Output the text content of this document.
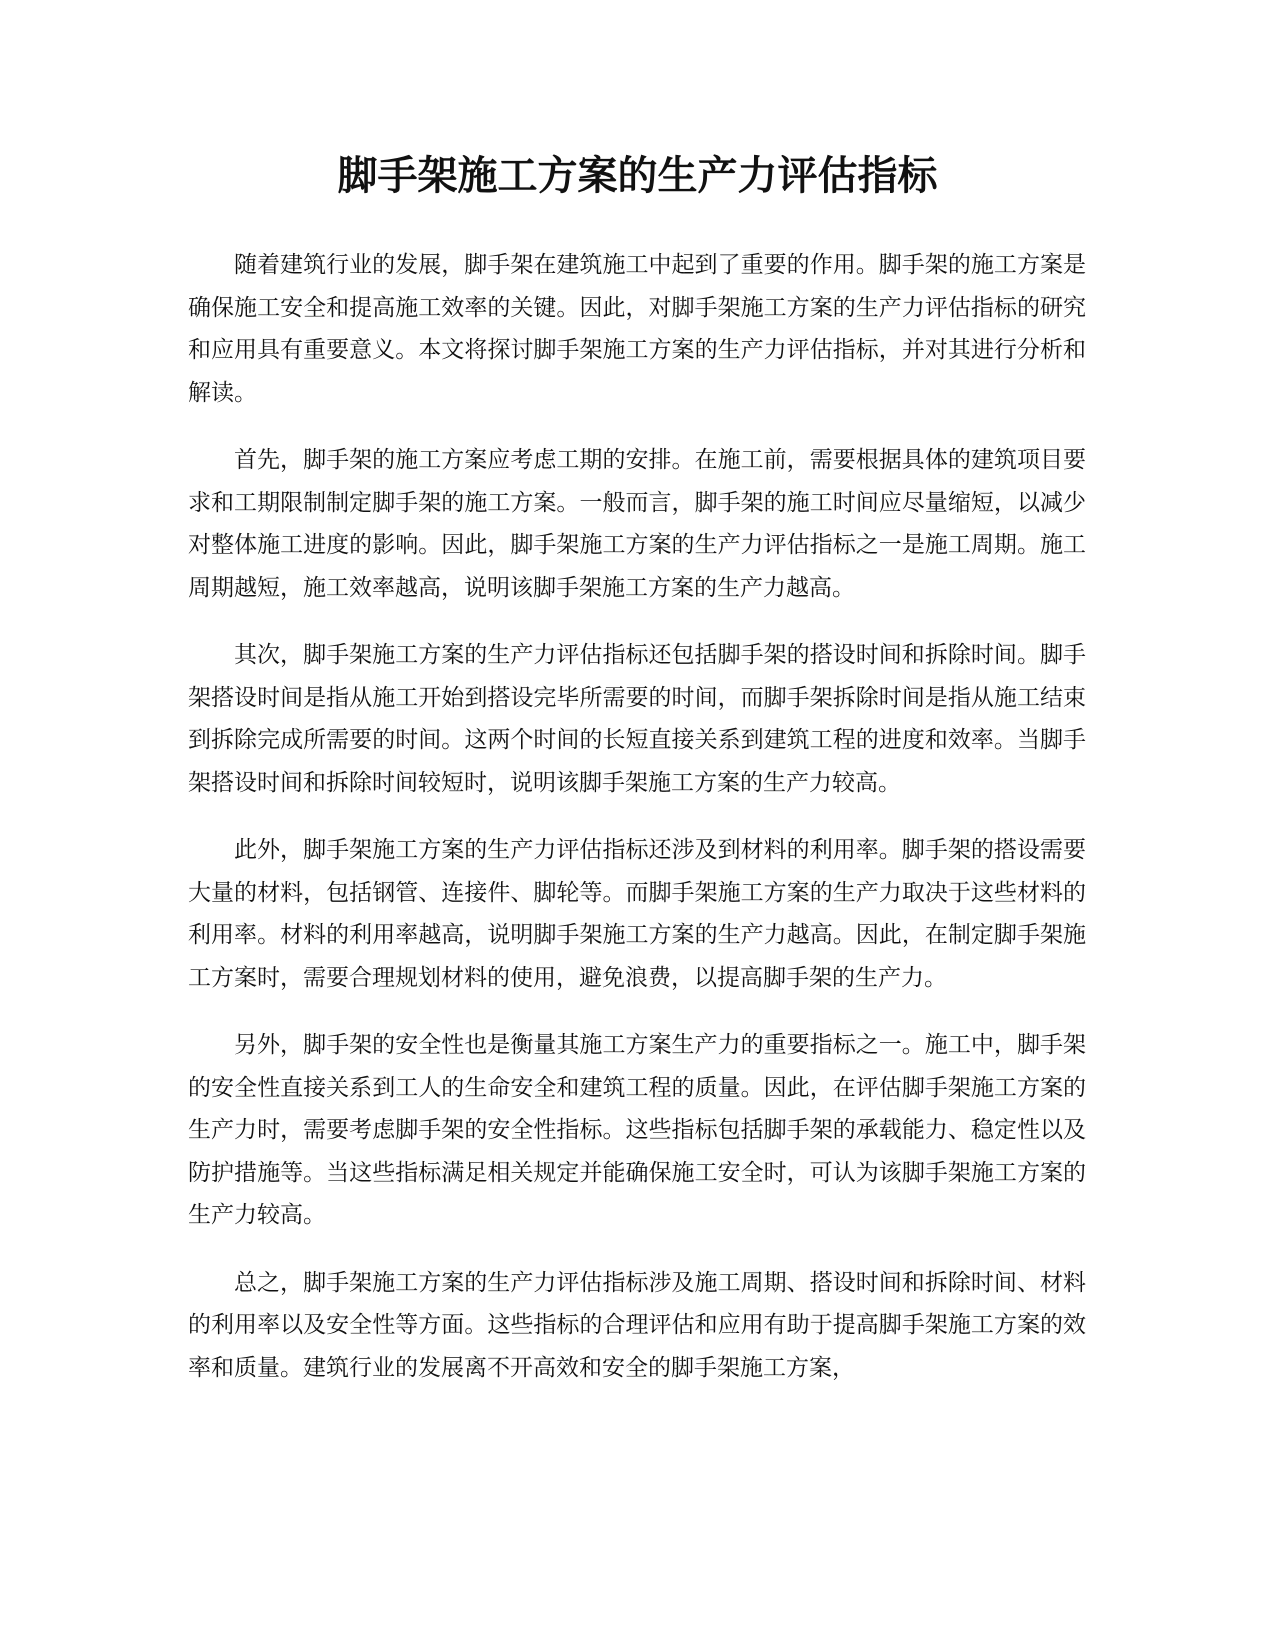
脚手架施工方案的生产力评估指标

随着建筑行业的发展，脚手架在建筑施工中起到了重要的作用。脚手架的施工方案是确保施工安全和提高施工效率的关键。因此，对脚手架施工方案的生产力评估指标的研究和应用具有重要意义。本文将探讨脚手架施工方案的生产力评估指标，并对其进行分析和解读。

首先，脚手架的施工方案应考虑工期的安排。在施工前，需要根据具体的建筑项目要求和工期限制制定脚手架的施工方案。一般而言，脚手架的施工时间应尽量缩短，以减少对整体施工进度的影响。因此，脚手架施工方案的生产力评估指标之一是施工周期。施工周期越短，施工效率越高，说明该脚手架施工方案的生产力越高。

其次，脚手架施工方案的生产力评估指标还包括脚手架的搭设时间和拆除时间。脚手架搭设时间是指从施工开始到搭设完毕所需要的时间，而脚手架拆除时间是指从施工结束到拆除完成所需要的时间。这两个时间的长短直接关系到建筑工程的进度和效率。当脚手架搭设时间和拆除时间较短时，说明该脚手架施工方案的生产力较高。

此外，脚手架施工方案的生产力评估指标还涉及到材料的利用率。脚手架的搭设需要大量的材料，包括钢管、连接件、脚轮等。而脚手架施工方案的生产力取决于这些材料的利用率。材料的利用率越高，说明脚手架施工方案的生产力越高。因此，在制定脚手架施工方案时，需要合理规划材料的使用，避免浪费，以提高脚手架的生产力。

另外，脚手架的安全性也是衡量其施工方案生产力的重要指标之一。施工中，脚手架的安全性直接关系到工人的生命安全和建筑工程的质量。因此，在评估脚手架施工方案的生产力时，需要考虑脚手架的安全性指标。这些指标包括脚手架的承载能力、稳定性以及防护措施等。当这些指标满足相关规定并能确保施工安全时，可认为该脚手架施工方案的生产力较高。

总之，脚手架施工方案的生产力评估指标涉及施工周期、搭设时间和拆除时间、材料的利用率以及安全性等方面。这些指标的合理评估和应用有助于提高脚手架施工方案的效率和质量。建筑行业的发展离不开高效和安全的脚手架施工方案，
